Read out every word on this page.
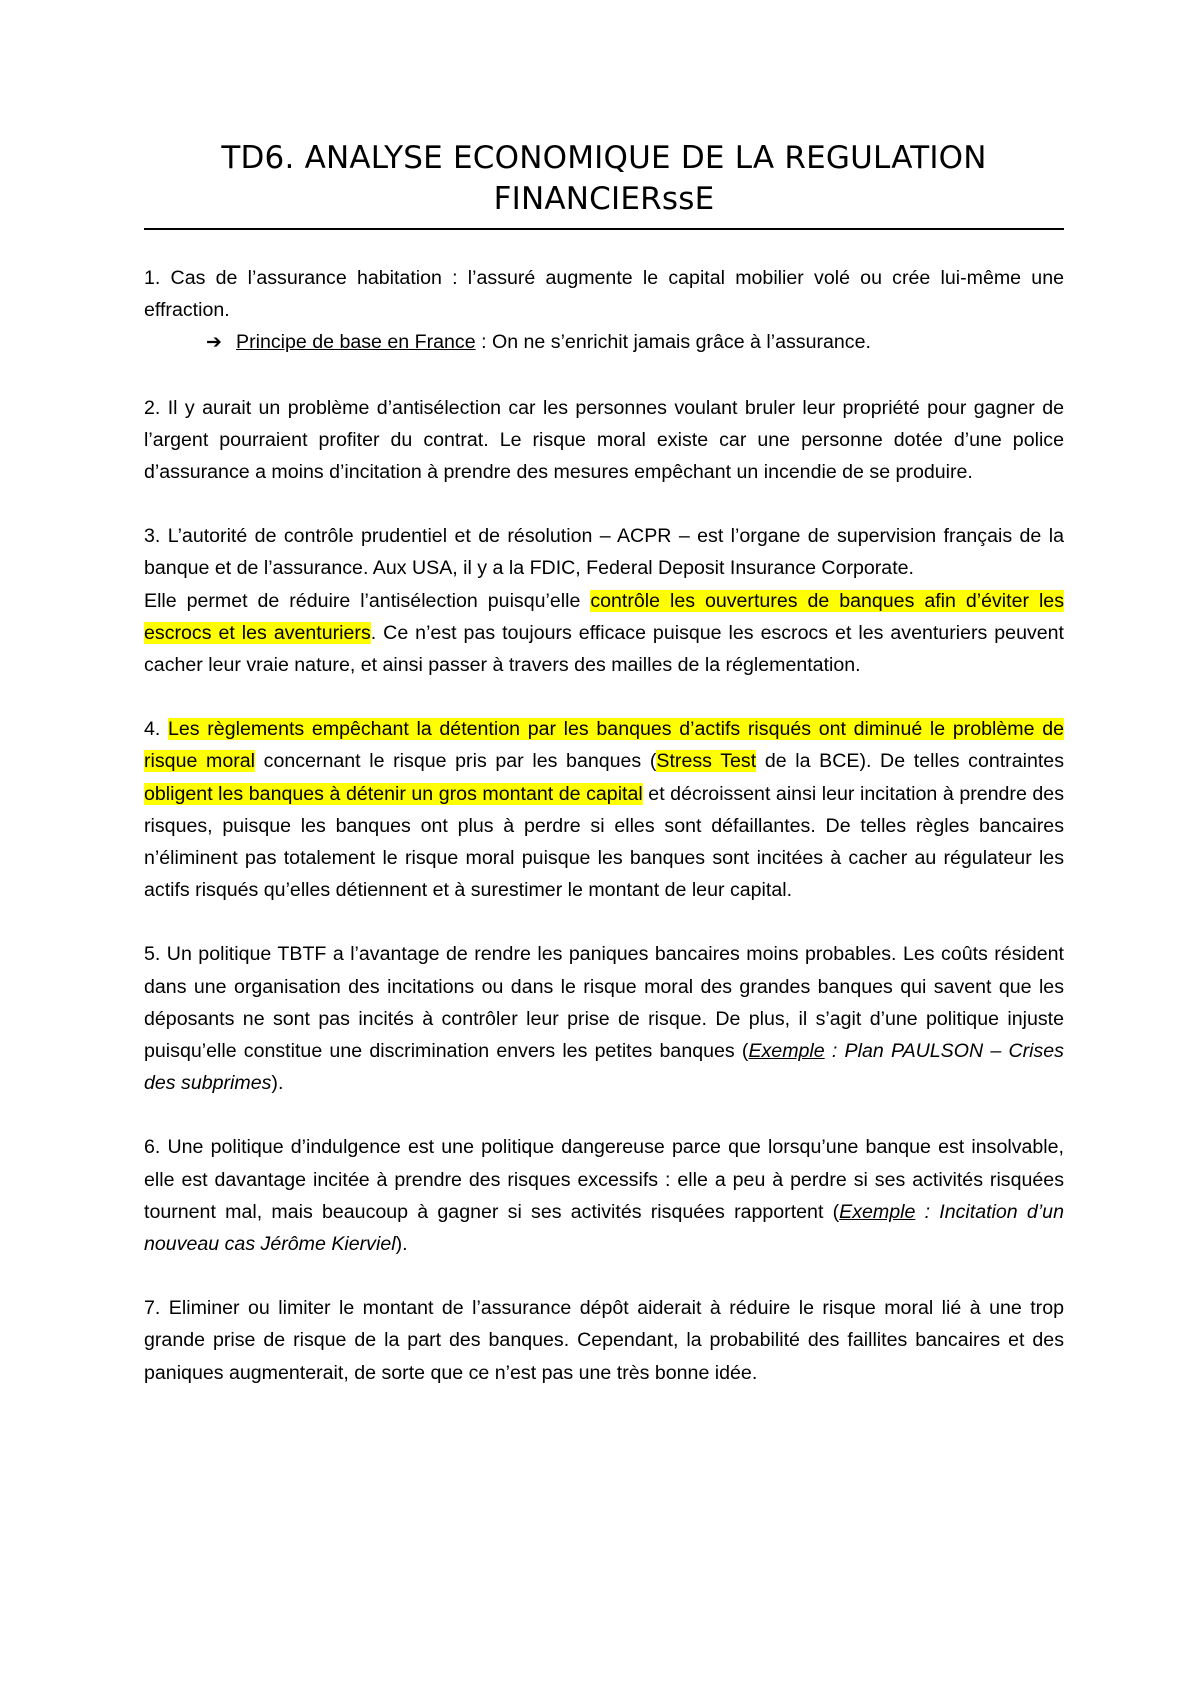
TD6. ANALYSE ECONOMIQUE DE LA REGULATION
FINANCIERssE

1. Cas de l’assurance habitation : l’assuré augmente le capital mobilier volé ou crée lui-même une effraction.

➔ Principe de base en France : On ne s’enrichit jamais grâce à l’assurance.

2. Il y aurait un problème d’antisélection car les personnes voulant bruler leur propriété pour gagner de l’argent pourraient profiter du contrat. Le risque moral existe car une personne dotée d’une police d’assurance a moins d’incitation à prendre des mesures empêchant un incendie de se produire.

3. L’autorité de contrôle prudentiel et de résolution – ACPR – est l’organe de supervision français de la banque et de l’assurance. Aux USA, il y a la FDIC, Federal Deposit Insurance Corporate.

Elle permet de réduire l’antisélection puisqu’elle contrôle les ouvertures de banques afin d’éviter les escrocs et les aventuriers. Ce n’est pas toujours efficace puisque les escrocs et les aventuriers peuvent cacher leur vraie nature, et ainsi passer à travers des mailles de la réglementation.

4. Les règlements empêchant la détention par les banques d’actifs risqués ont diminué le problème de risque moral concernant le risque pris par les banques (Stress Test de la BCE). De telles contraintes obligent les banques à détenir un gros montant de capital et décroissent ainsi leur incitation à prendre des risques, puisque les banques ont plus à perdre si elles sont défaillantes. De telles règles bancaires n’éliminent pas totalement le risque moral puisque les banques sont incitées à cacher au régulateur les actifs risqués qu’elles détiennent et à surestimer le montant de leur capital.

5. Un politique TBTF a l’avantage de rendre les paniques bancaires moins probables. Les coûts résident dans une organisation des incitations ou dans le risque moral des grandes banques qui savent que les déposants ne sont pas incités à contrôler leur prise de risque. De plus, il s’agit d’une politique injuste puisqu’elle constitue une discrimination envers les petites banques (Exemple : Plan PAULSON – Crises des subprimes).

6. Une politique d’indulgence est une politique dangereuse parce que lorsqu’une banque est insolvable, elle est davantage incitée à prendre des risques excessifs : elle a peu à perdre si ses activités risquées tournent mal, mais beaucoup à gagner si ses activités risquées rapportent (Exemple : Incitation d’un nouveau cas Jérôme Kierviel).

7. Eliminer ou limiter le montant de l’assurance dépôt aiderait à réduire le risque moral lié à une trop grande prise de risque de la part des banques. Cependant, la probabilité des faillites bancaires et des paniques augmenterait, de sorte que ce n’est pas une très bonne idée.
